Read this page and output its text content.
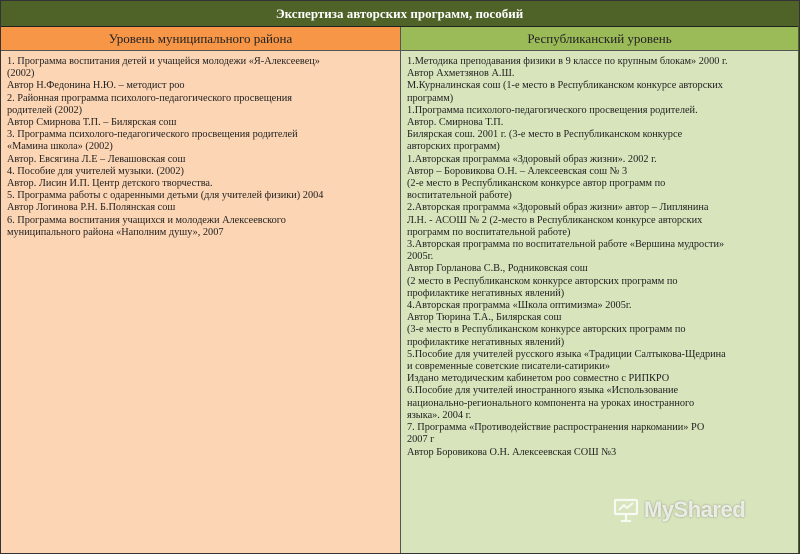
Экспертиза авторских программ, пособий
Уровень муниципального района	Республиканский уровень
1. Программа воспитания детей и учащейся молодежи «Я-Алексеевец»
(2002)
Автор Н.Федонина Н.Ю. – методист роо
2. Районная программа психолого-педагогического просвещения
родителей (2002)
Автор Смирнова Т.П. – Билярская сош
3. Программа психолого-педагогического просвещения родителей
«Мамина школа» (2002)
Автор. Евсягина Л.Е – Левашовская сош
4. Пособие для учителей музыки. (2002)
Автор. Лисин И.П. Центр детского творчества.
5. Программа работы с одаренными детьми (для учителей физики) 2004
Автор Логинова Р.Н. Б.Полянская сош
6. Программа воспитания учащихся и молодежи Алексеевского
муниципального района «Наполним душу», 2007
1.Методика преподавания физики в 9 классе по крупным блокам» 2000 г.
Автор Ахметзянов А.Ш.
М.Курналинская сош (1-е место в Республиканском конкурсе авторских
программ)
1.Программа психолого-педагогического просвещения родителей.
Автор. Смирнова Т.П.
Билярская сош. 2001 г. (3-е место в Республиканском конкурсе
авторских программ)
1.Авторская программа «Здоровый образ жизни». 2002 г.
Автор – Боровикова О.Н. – Алексеевская сош № 3
(2-е место в Республиканском конкурсе автор программ по
воспитательной работе)
2.Авторская программа «Здоровый образ жизни» автор – Липлянина
Л.Н. - АСОШ № 2 (2-место в Республиканском конкурсе авторских
программ по воспитательной работе)
3.Авторская программа по воспитательной работе «Вершина мудрости»
2005г.
Автор Горланова С.В., Родниковская сош
(2 место в Республиканском конкурсе авторских программ по
профилактике негативных явлений)
4.Авторская программа «Школа оптимизма» 2005г.
Автор Тюрина Т.А., Билярская сош
(3-е место в Республиканском конкурсе авторских программ по
профилактике негативных явлений)
5.Пособие для учителей русского языка «Традиции Салтыкова-Щедрина
и современные советские писатели-сатирики»
Издано методическим кабинетом роо совместно с РИПКРО
6.Пособие для учителей иностранного языка «Использование
национально-регионального компонента на уроках иностранного
языка». 2004 г.
7. Программа «Противодействие распространения наркомании» РО
2007 г
Автор Боровикова О.Н. Алексеевская СОШ №3
MyShared
